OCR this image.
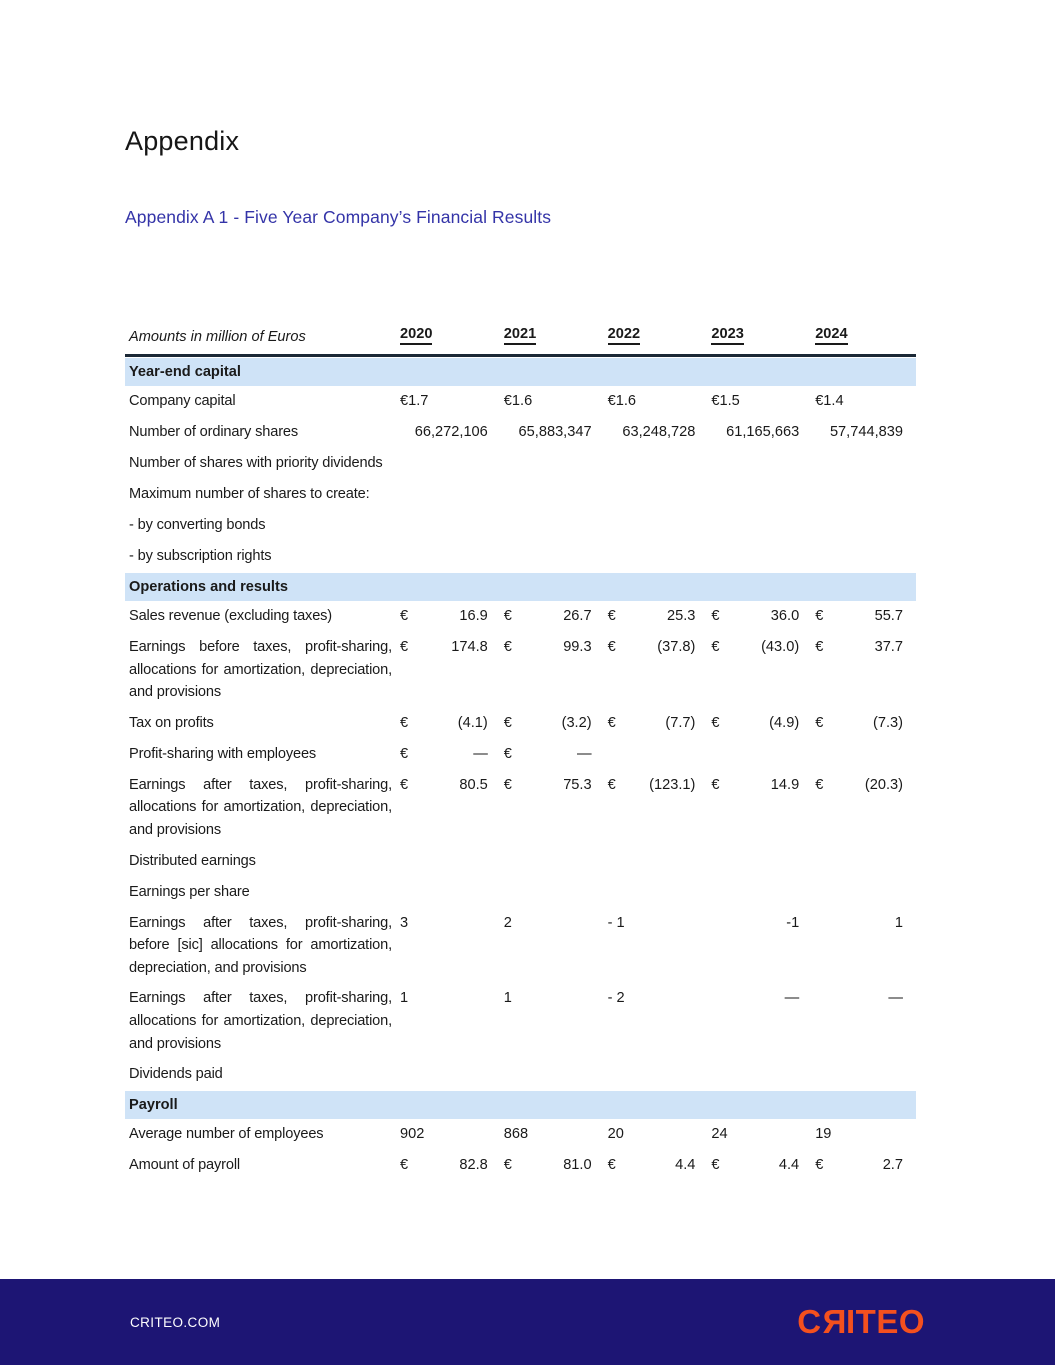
Appendix
Appendix A 1 - Five Year Company’s Financial Results
Amounts in million of Euros	2020	2021	2022	2023	2024
Year-end capital
Company capital	€1.7	€1.6	€1.6	€1.5	€1.4
Number of ordinary shares	66,272,106 65,883,347 63,248,728 61,165,663 57,744,839
Number of shares with priority dividends
Maximum number of shares to create:
- by converting bonds
- by subscription rights
Operations and results
Sales revenue (excluding taxes)	€	16.9 €	26.7 €	25.3 €	36.0 €	55.7
Earnings before taxes, profit-sharing, allocations for amortization, depreciation, and provisions
€	174.8 €	99.3 €	(37.8) €	(43.0) €	37.7
Tax on profits	€	(4.1) €	(3.2) €	(7.7) €	(4.9) €	(7.3)
Profit-sharing with employees	€	— €	—
Earnings after taxes, profit-sharing, allocations for amortization, depreciation, and provisions
€	80.5 €	75.3 € (123.1) €	14.9 €	(20.3)
Distributed earnings
Earnings per share
Earnings after taxes, profit-sharing, before [sic] allocations for amortization, depreciation, and provisions
3	2	- 1	-1	1
Earnings after taxes, profit-sharing, allocations for amortization, depreciation, and provisions
1	1	- 2	—	—
Dividends paid
Payroll
Average number of employees	902	868	20	24	19
Amount of payroll	€	82.8 €	81.0 €	4.4 €	4.4 €	2.7
CRITEO.COM	CRITEO
